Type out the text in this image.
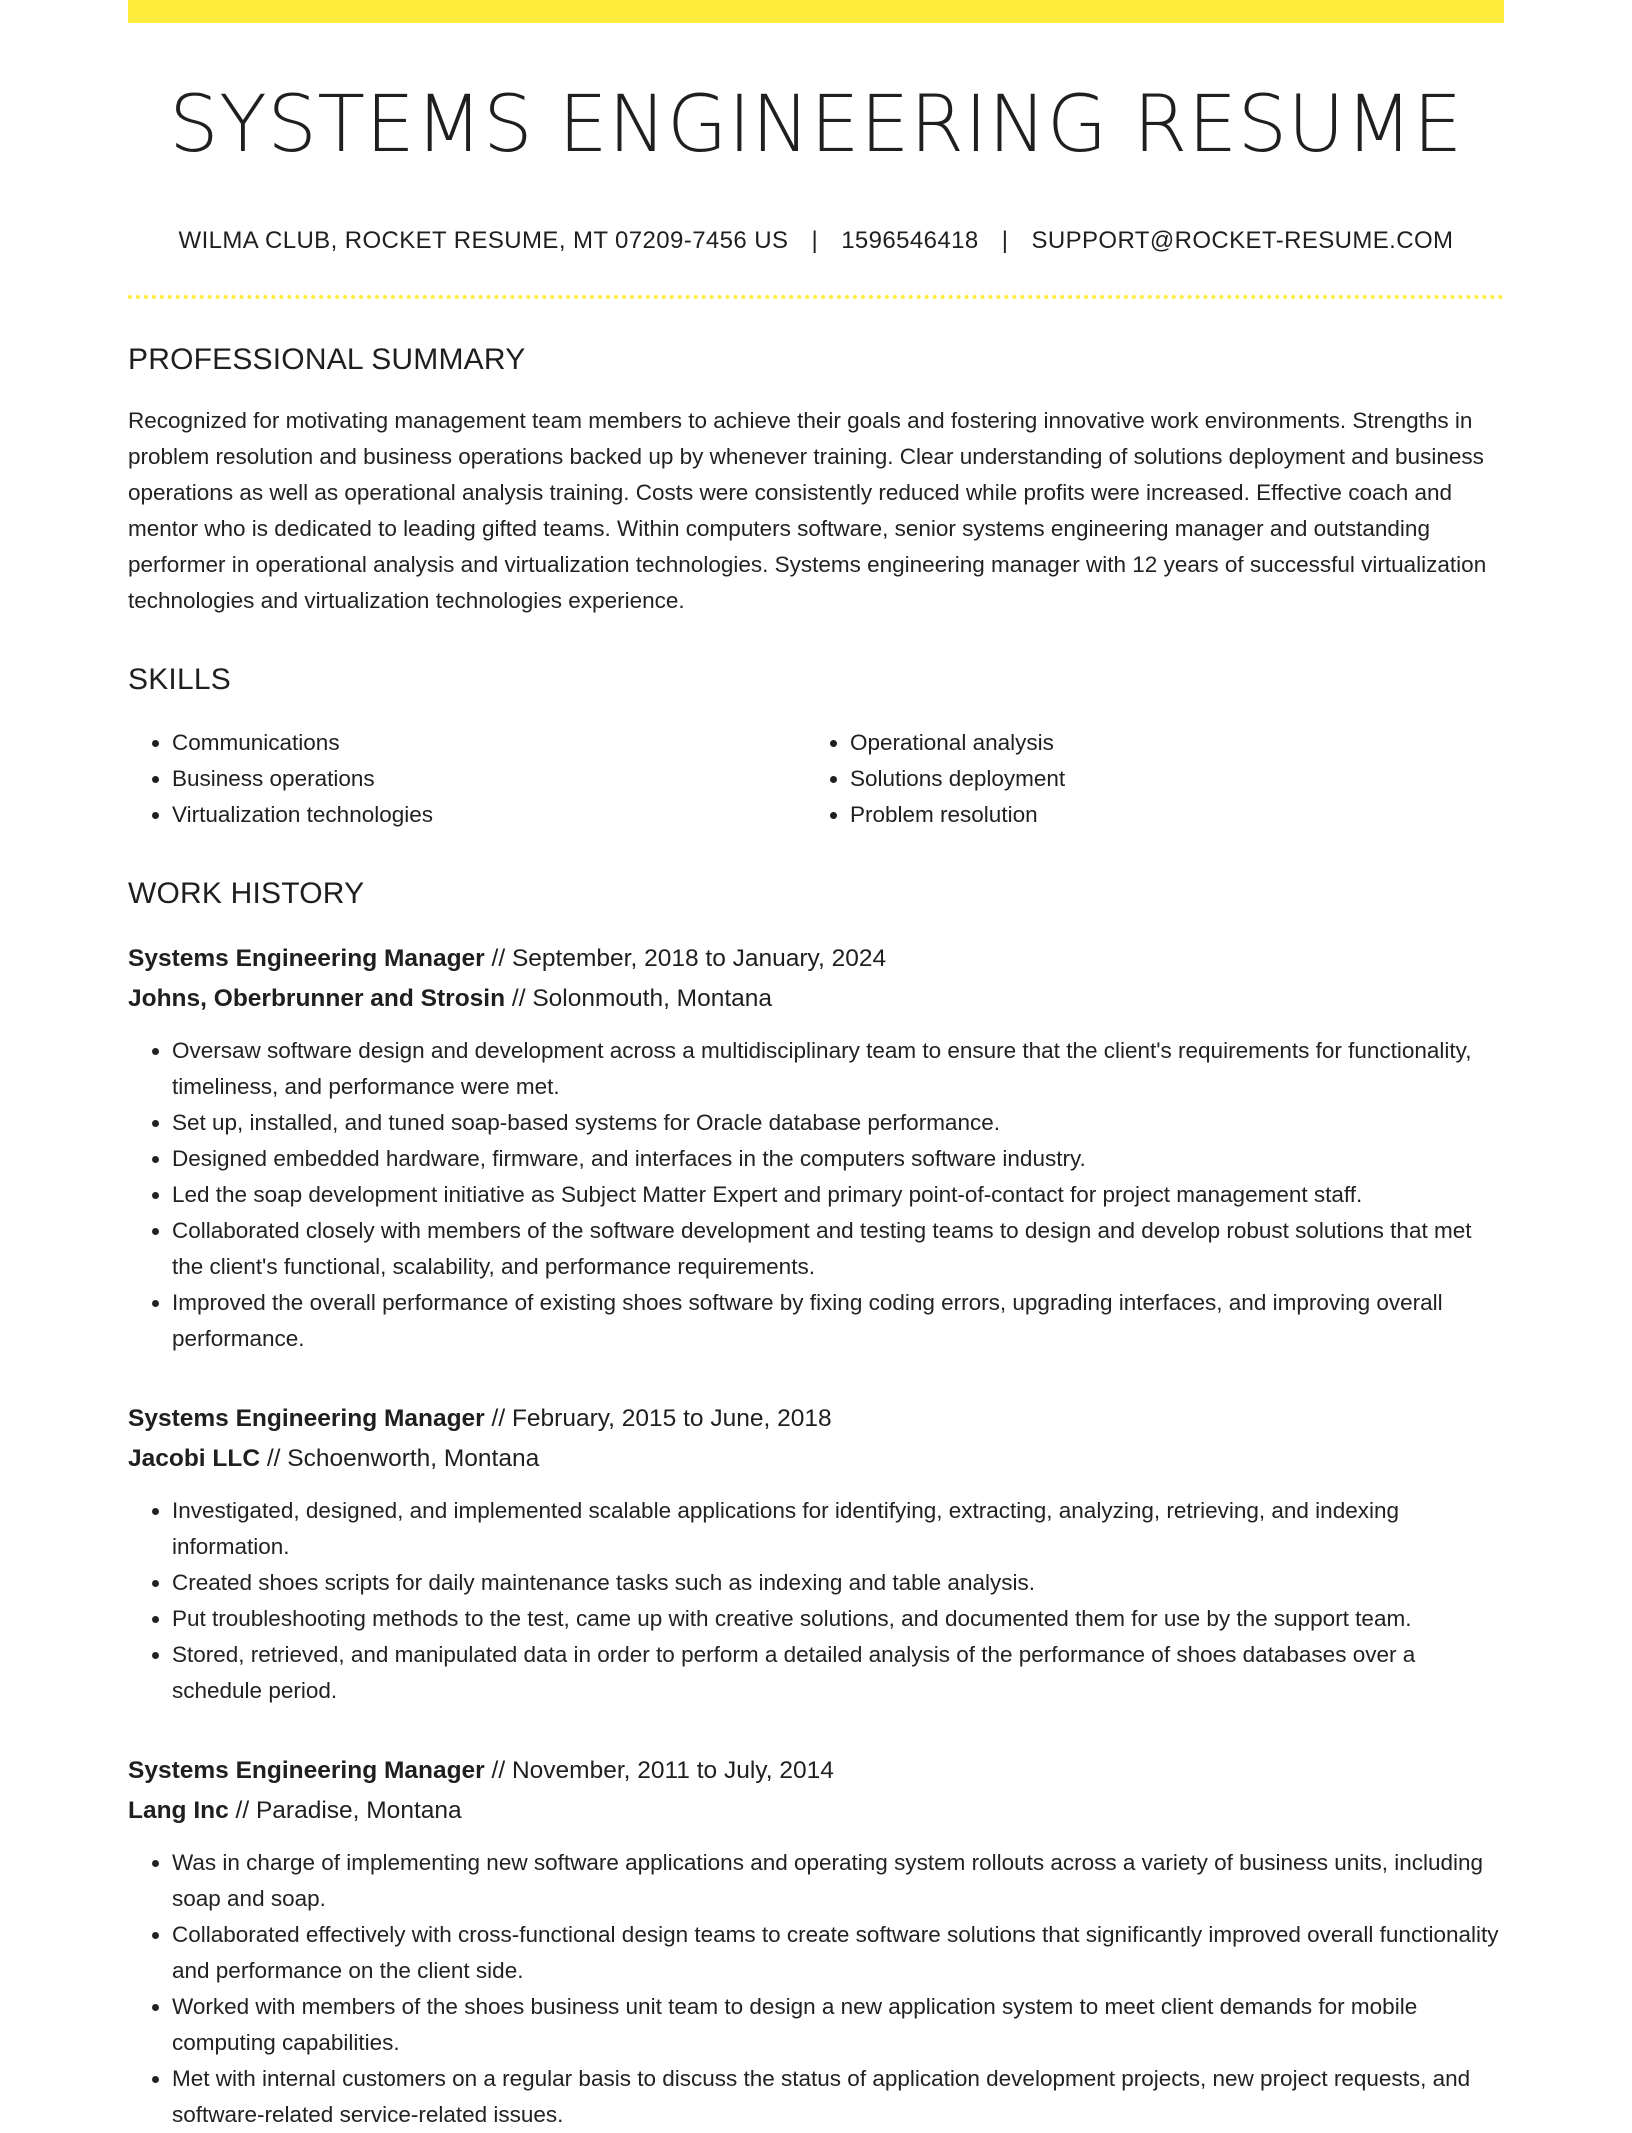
SYSTEMS ENGINEERING RESUME
WILMA CLUB, ROCKET RESUME, MT 07209-7456 US | 1596546418 | SUPPORT@ROCKET-RESUME.COM
PROFESSIONAL SUMMARY

Recognized for motivating management team members to achieve their goals and fostering innovative work environments. Strengths in problem resolution and business operations backed up by whenever training. Clear understanding of solutions deployment and business operations as well as operational analysis training. Costs were consistently reduced while profits were increased. Effective coach and mentor who is dedicated to leading gifted teams. Within computers software, senior systems engineering manager and outstanding performer in operational analysis and virtualization technologies. Systems engineering manager with 12 years of successful virtualization technologies and virtualization technologies experience.

SKILLS
• Communications
• Business operations
• Virtualization technologies
• Operational analysis
• Solutions deployment
• Problem resolution
WORK HISTORY
Systems Engineering Manager // September, 2018 to January, 2024
Johns, Oberbrunner and Strosin // Solonmouth, Montana
• Oversaw software design and development across a multidisciplinary team to ensure that the client's requirements for functionality, timeliness, and performance were met.
• Set up, installed, and tuned soap-based systems for Oracle database performance.
• Designed embedded hardware, firmware, and interfaces in the computers software industry.
• Led the soap development initiative as Subject Matter Expert and primary point-of-contact for project management staff.
• Collaborated closely with members of the software development and testing teams to design and develop robust solutions that met the client's functional, scalability, and performance requirements.
• Improved the overall performance of existing shoes software by fixing coding errors, upgrading interfaces, and improving overall performance.
Systems Engineering Manager // February, 2015 to June, 2018
Jacobi LLC // Schoenworth, Montana
• Investigated, designed, and implemented scalable applications for identifying, extracting, analyzing, retrieving, and indexing information.
• Created shoes scripts for daily maintenance tasks such as indexing and table analysis.
• Put troubleshooting methods to the test, came up with creative solutions, and documented them for use by the support team.
• Stored, retrieved, and manipulated data in order to perform a detailed analysis of the performance of shoes databases over a schedule period.
Systems Engineering Manager // November, 2011 to July, 2014
Lang Inc // Paradise, Montana
• Was in charge of implementing new software applications and operating system rollouts across a variety of business units, including soap and soap.
• Collaborated effectively with cross-functional design teams to create software solutions that significantly improved overall functionality and performance on the client side.
• Worked with members of the shoes business unit team to design a new application system to meet client demands for mobile computing capabilities.
• Met with internal customers on a regular basis to discuss the status of application development projects, new project requests, and software-related service-related issues.
